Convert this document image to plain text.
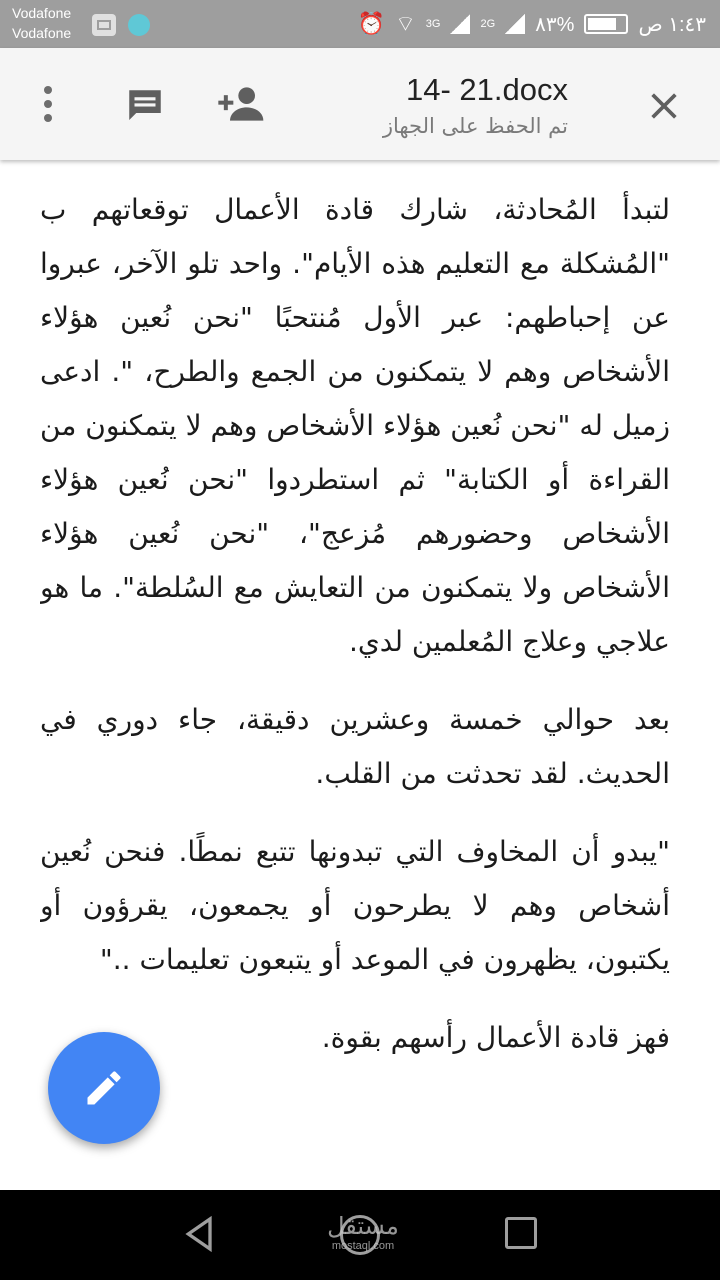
Vodafone
Vodafone	⏰ ⌔ 3G	2G %٨٣	١:٤٣ ص
14- 21.docx
تم الحفظ على الجهاز

لتبدأ المُحادثة، شارك قادة الأعمال توقعاتهم ب "المُشكلة مع التعليم هذه الأيام". واحد تلو الآخر، عبروا عن إحباطهم: عبر الأول مُنتحبًا "نحن نُعين هؤلاء الأشخاص وهم لا يتمكنون من الجمع والطرح، ". ادعى زميل له "نحن نُعين هؤلاء الأشخاص وهم لا يتمكنون من القراءة أو الكتابة" ثم استطردوا "نحن نُعين هؤلاء الأشخاص وحضورهم مُزعج"، "نحن نُعين هؤلاء الأشخاص ولا يتمكنون من التعايش مع السُلطة". ما هو علاجي وعلاج المُعلمين لدي.

بعد حوالي خمسة وعشرين دقيقة، جاء دوري في الحديث. لقد تحدثت من القلب.

"يبدو أن المخاوف التي تبدونها تتبع نمطًا. فنحن نُعين أشخاص وهم لا يطرحون أو يجمعون، يقرؤون أو يكتبون، يظهرون في الموعد أو يتبعون تعليمات .."

فهز قادة الأعمال رأسهم بقوة.

مستقل
mostaql.com
